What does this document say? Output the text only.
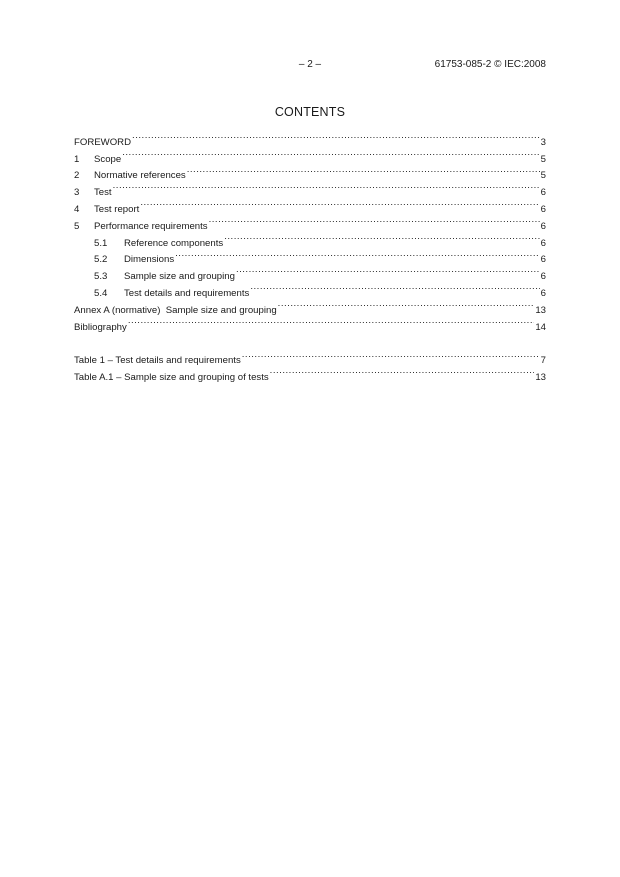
– 2 –	61753-085-2 © IEC:2008
CONTENTS
FOREWORD .....	3
1	Scope .....	5
2	Normative references .....	5
3	Test .....	6
4	Test report .....	6
5	Performance requirements .....	6
5.1	Reference components .....	6
5.2	Dimensions .....	6
5.3	Sample size and grouping .....	6
5.4	Test details and requirements .....	6
Annex A (normative)  Sample size and grouping .....	13
Bibliography .....	14
Table 1 – Test details and requirements .....	7
Table A.1 – Sample size and grouping of tests .....	13
